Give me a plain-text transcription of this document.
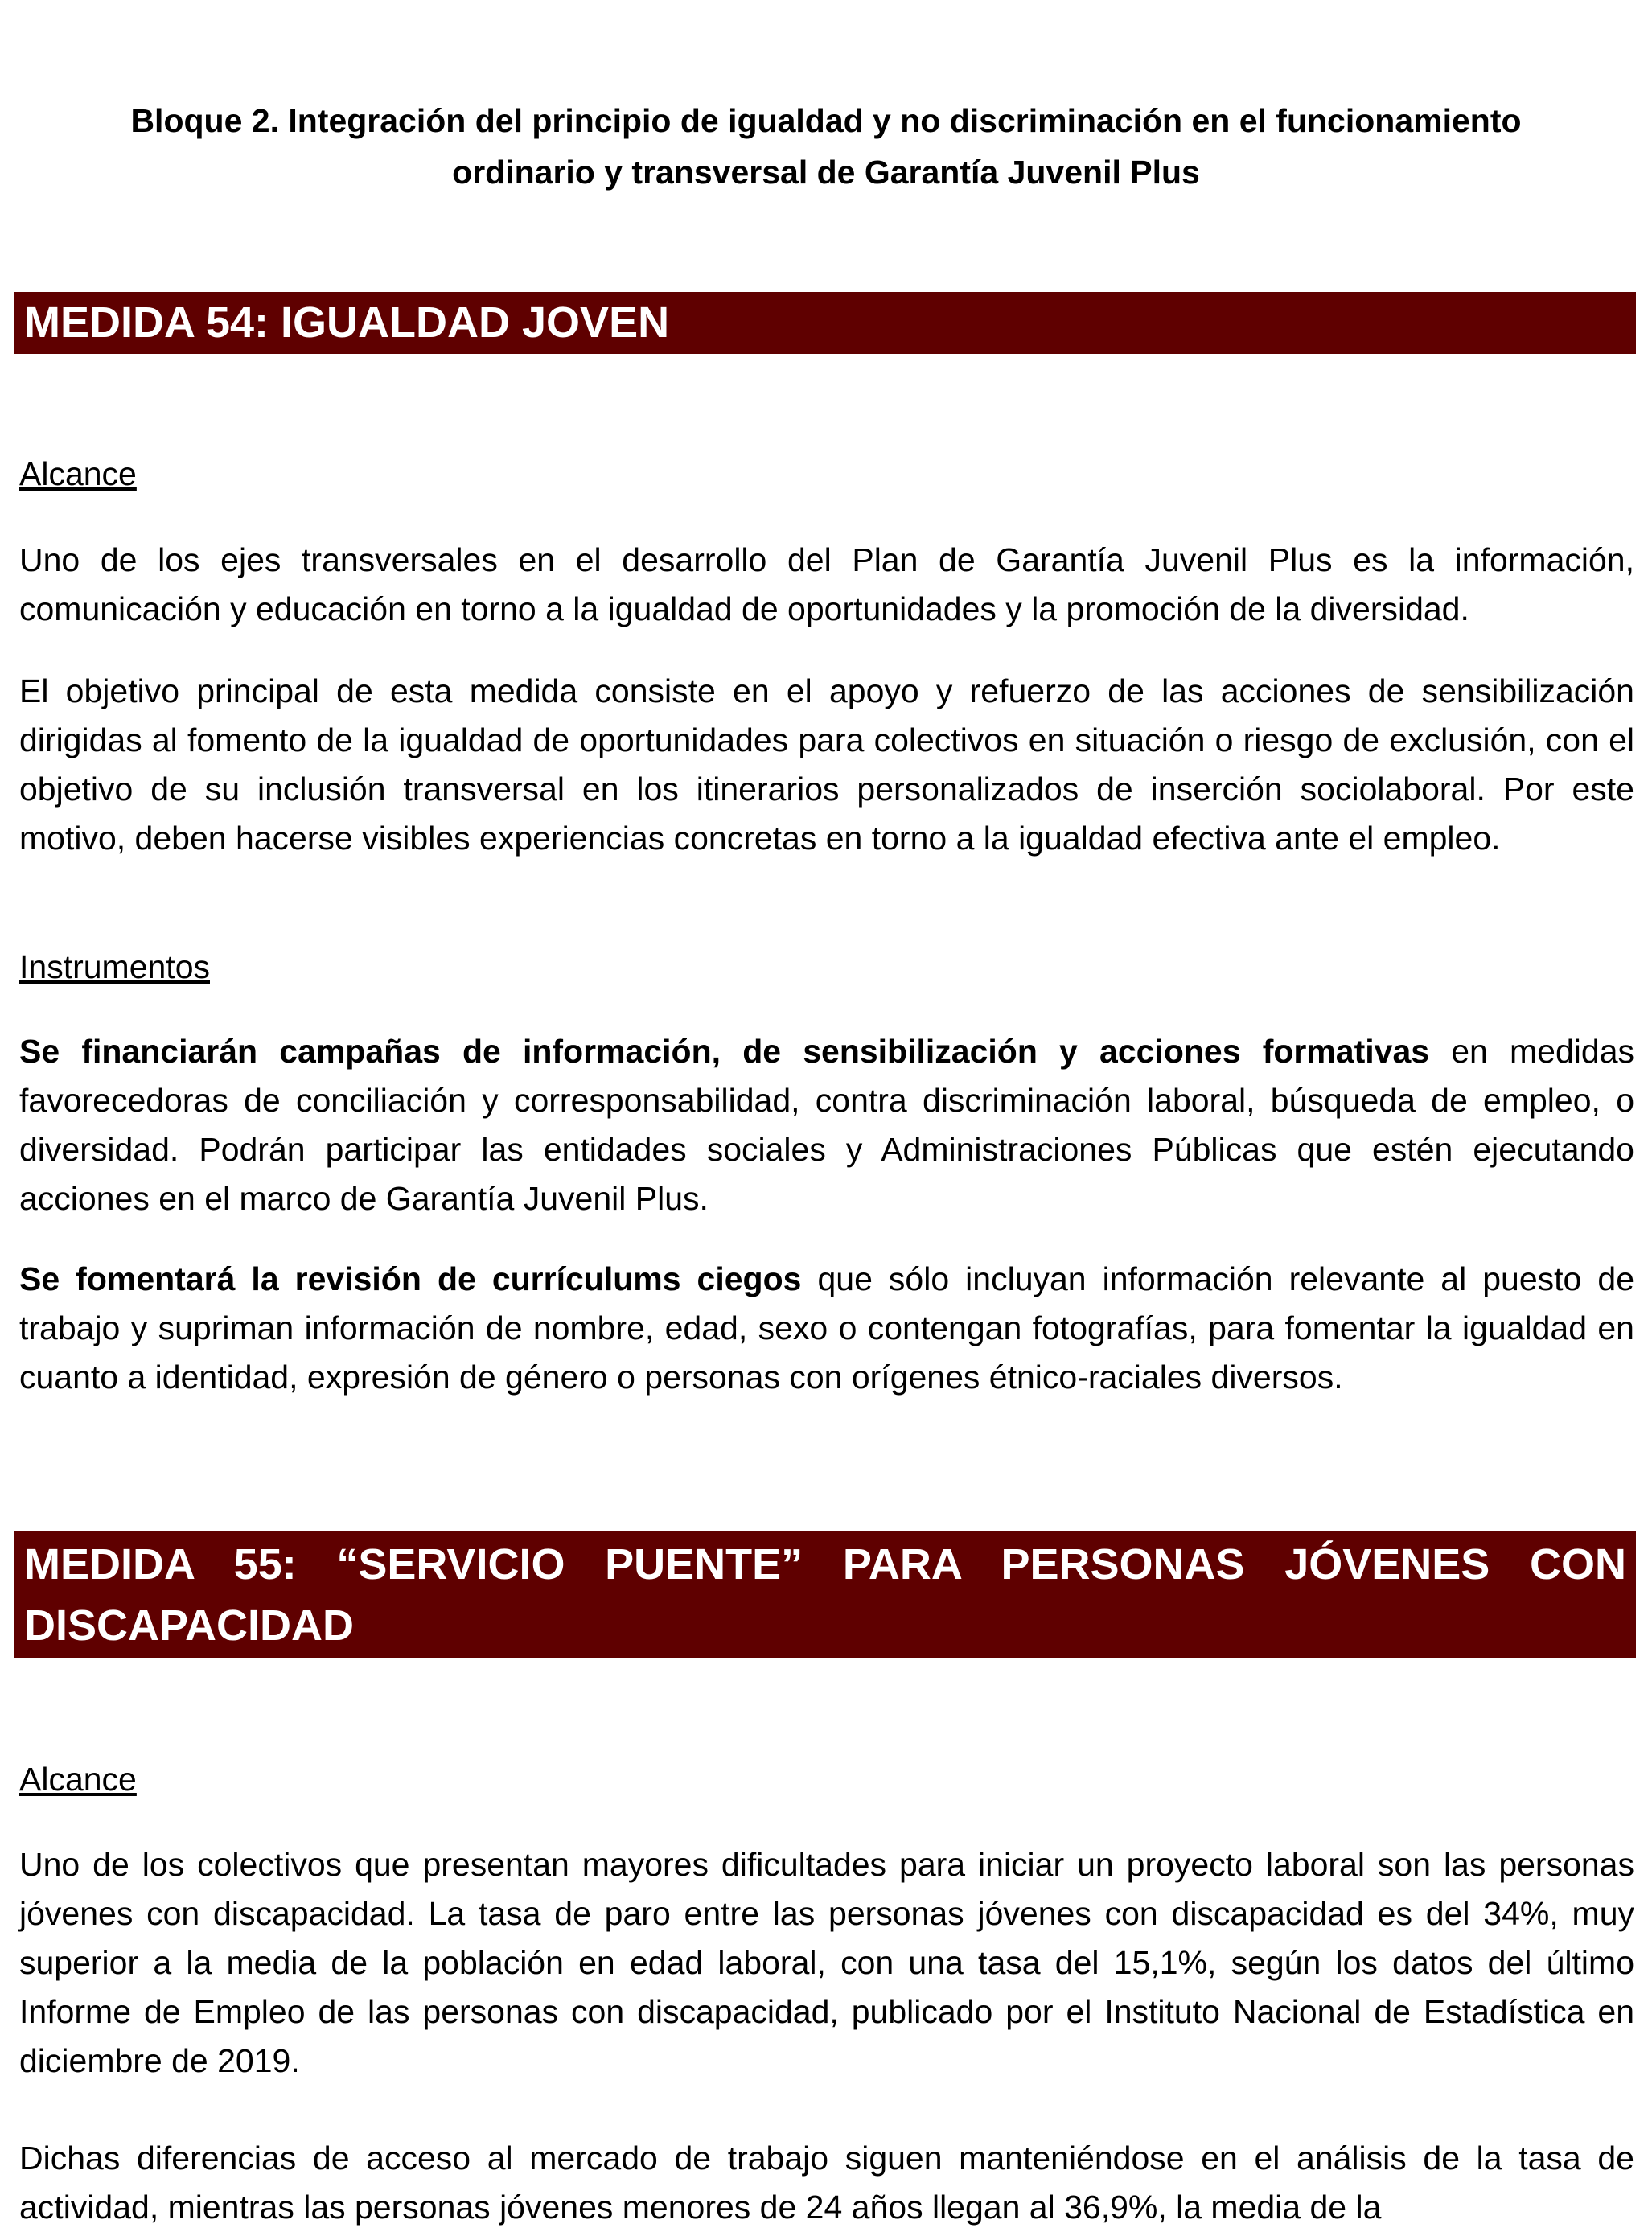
Bloque 2. Integración del principio de igualdad y no discriminación en el funcionamiento
ordinario y transversal de Garantía Juvenil Plus
MEDIDA 54: IGUALDAD JOVEN
Alcance
Uno de los ejes transversales en el desarrollo del Plan de Garantía Juvenil Plus es la información, comunicación y educación en torno a la igualdad de oportunidades y la promoción de la diversidad.
El objetivo principal de esta medida consiste en el apoyo y refuerzo de las acciones de sensibilización dirigidas al fomento de la igualdad de oportunidades para colectivos en situación o riesgo de exclusión, con el objetivo de su inclusión transversal en los itinerarios personalizados de inserción sociolaboral. Por este motivo, deben hacerse visibles experiencias concretas en torno a la igualdad efectiva ante el empleo.
Instrumentos
Se financiarán campañas de información, de sensibilización y acciones formativas en medidas favorecedoras de conciliación y corresponsabilidad, contra discriminación laboral, búsqueda de empleo, o diversidad. Podrán participar las entidades sociales y Administraciones Públicas que estén ejecutando acciones en el marco de Garantía Juvenil Plus.
Se fomentará la revisión de currículums ciegos que sólo incluyan información relevante al puesto de trabajo y supriman información de nombre, edad, sexo o contengan fotografías, para fomentar la igualdad en cuanto a identidad, expresión de género o personas con orígenes étnico-raciales diversos.
MEDIDA 55: “SERVICIO PUENTE” PARA PERSONAS JÓVENES CON DISCAPACIDAD
Alcance
Uno de los colectivos que presentan mayores dificultades para iniciar un proyecto laboral son las personas jóvenes con discapacidad. La tasa de paro entre las personas jóvenes con discapacidad es del 34%, muy superior a la media de la población en edad laboral, con una tasa del 15,1%, según los datos del último Informe de Empleo de las personas con discapacidad, publicado por el Instituto Nacional de Estadística en diciembre de 2019.
Dichas diferencias de acceso al mercado de trabajo siguen manteniéndose en el análisis de la tasa de actividad, mientras las personas jóvenes menores de 24 años llegan al 36,9%, la media de la
